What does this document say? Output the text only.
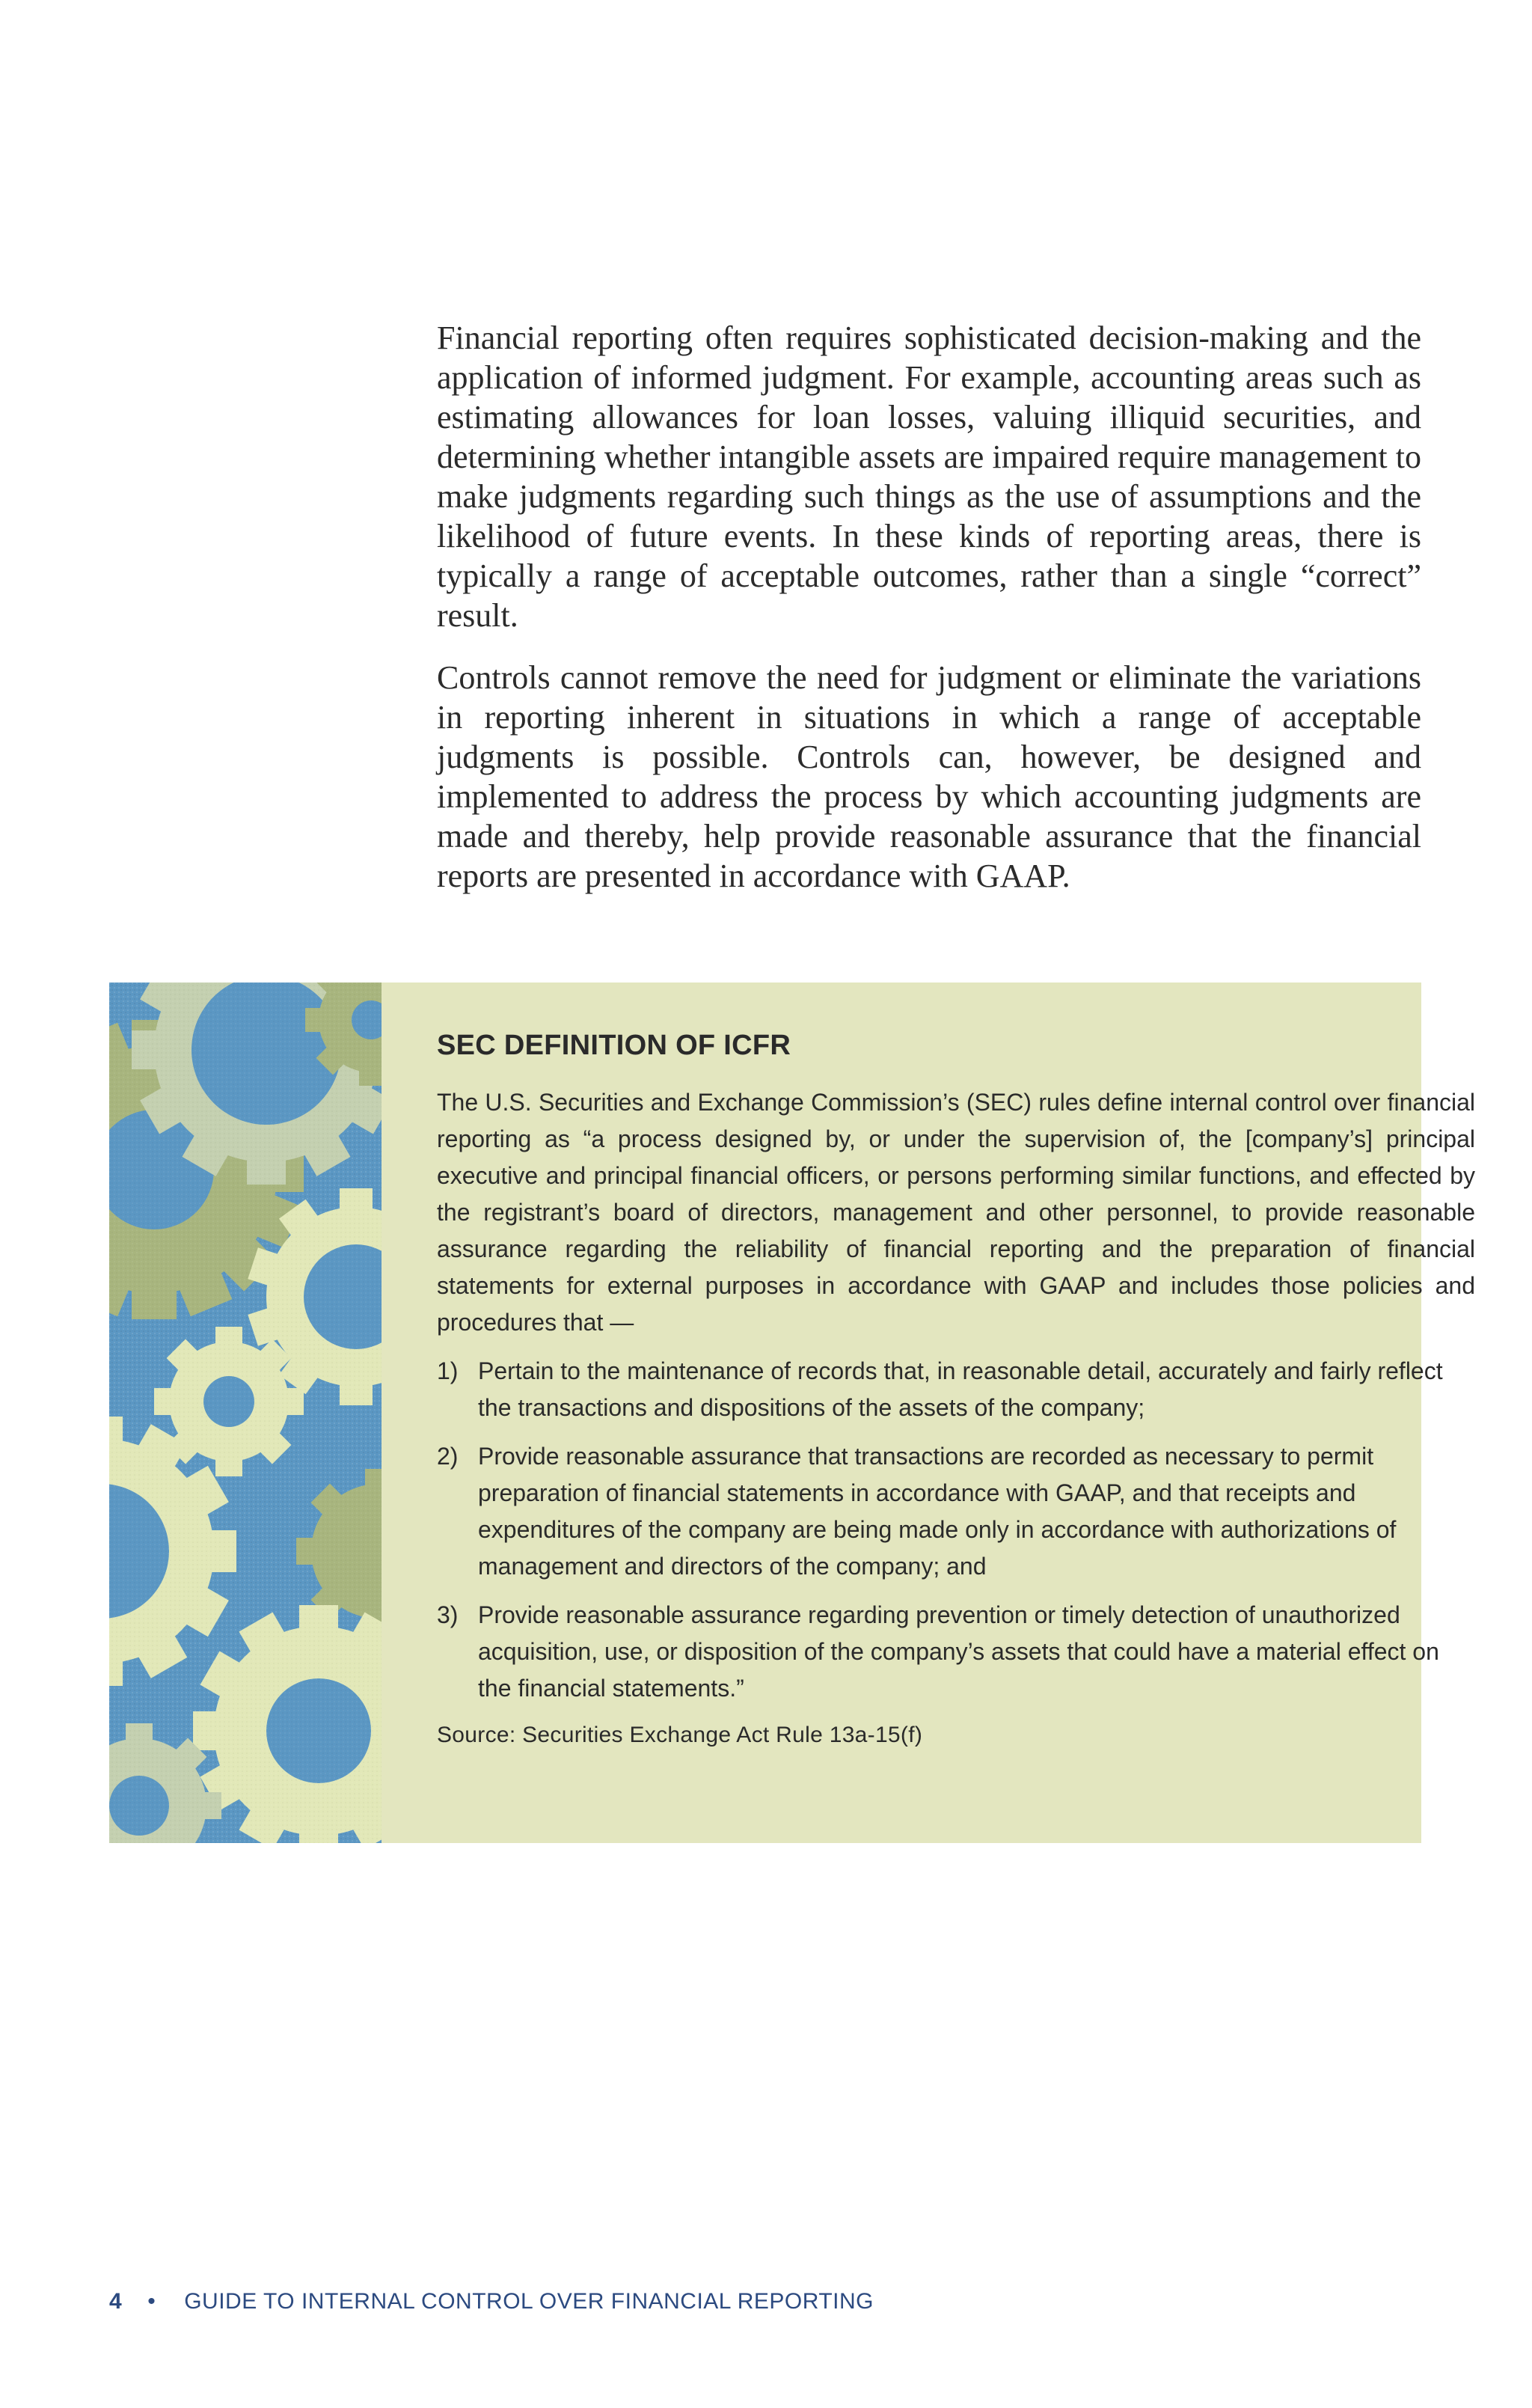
Financial reporting often requires sophisticated decision-making and the application of informed judgment. For example, accounting areas such as estimating allowances for loan losses, valuing illiquid securities, and determining whether intangible assets are impaired require management to make judgments regarding such things as the use of assumptions and the likelihood of future events. In these kinds of reporting areas, there is typically a range of acceptable outcomes, rather than a single “correct” result.

Controls cannot remove the need for judgment or eliminate the variations in reporting inherent in situations in which a range of acceptable judgments is possible. Controls can, however, be designed and implemented to address the process by which accounting judgments are made and thereby, help provide reasonable assurance that the financial reports are presented in accordance with GAAP.

SEC DEFINITION OF ICFR

The U.S. Securities and Exchange Commission’s (SEC) rules define internal control over financial reporting as “a process designed by, or under the supervision of, the [company’s] principal executive and principal financial officers, or persons performing similar functions, and effected by the registrant’s board of directors, management and other personnel, to provide reasonable assurance regarding the reliability of financial reporting and the preparation of financial statements for external purposes in accordance with GAAP and includes those policies and procedures that —

1) Pertain to the maintenance of records that, in reasonable detail, accurately and fairly reflect the transactions and dispositions of the assets of the company;
2) Provide reasonable assurance that transactions are recorded as necessary to permit preparation of financial statements in accordance with GAAP, and that receipts and expenditures of the company are being made only in accordance with authorizations of management and directors of the company; and
3) Provide reasonable assurance regarding prevention or timely detection of unauthorized acquisition, use, or disposition of the company’s assets that could have a material effect on the financial statements.”
Source: Securities Exchange Act Rule 13a-15(f)
4 • GUIDE TO INTERNAL CONTROL OVER FINANCIAL REPORTING
